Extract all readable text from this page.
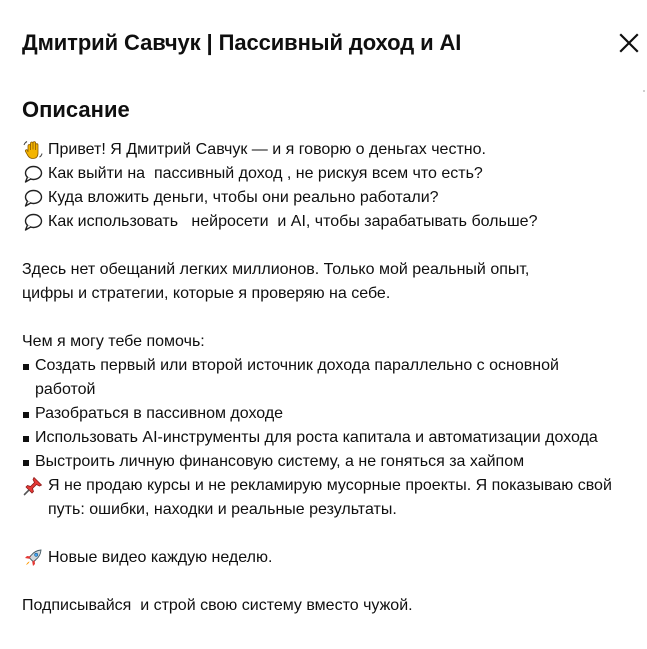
Дмитрий Савчук | Пассивный доход и AI
Описание
Привет! Я Дмитрий Савчук — и я говорю о деньгах честно.
Как выйти на  пассивный доход , не рискуя всем что есть?
Куда вложить деньги, чтобы они реально работали?
Как использовать   нейросети  и AI, чтобы зарабатывать больше?
Здесь нет обещаний легких миллионов. Только мой реальный опыт, цифры и стратегии, которые я проверяю на себе.
Чем я могу тебе помочь:
Создать первый или второй источник дохода параллельно с основной работой
Разобраться в пассивном доходе
Использовать AI-инструменты для роста капитала и автоматизации дохода
Выстроить личную финансовую систему, а не гоняться за хайпом
Я не продаю курсы и не рекламирую мусорные проекты. Я показываю свой путь: ошибки, находки и реальные результаты.
Новые видео каждую неделю.
Подписывайся  и строй свою систему вместо чужой.
